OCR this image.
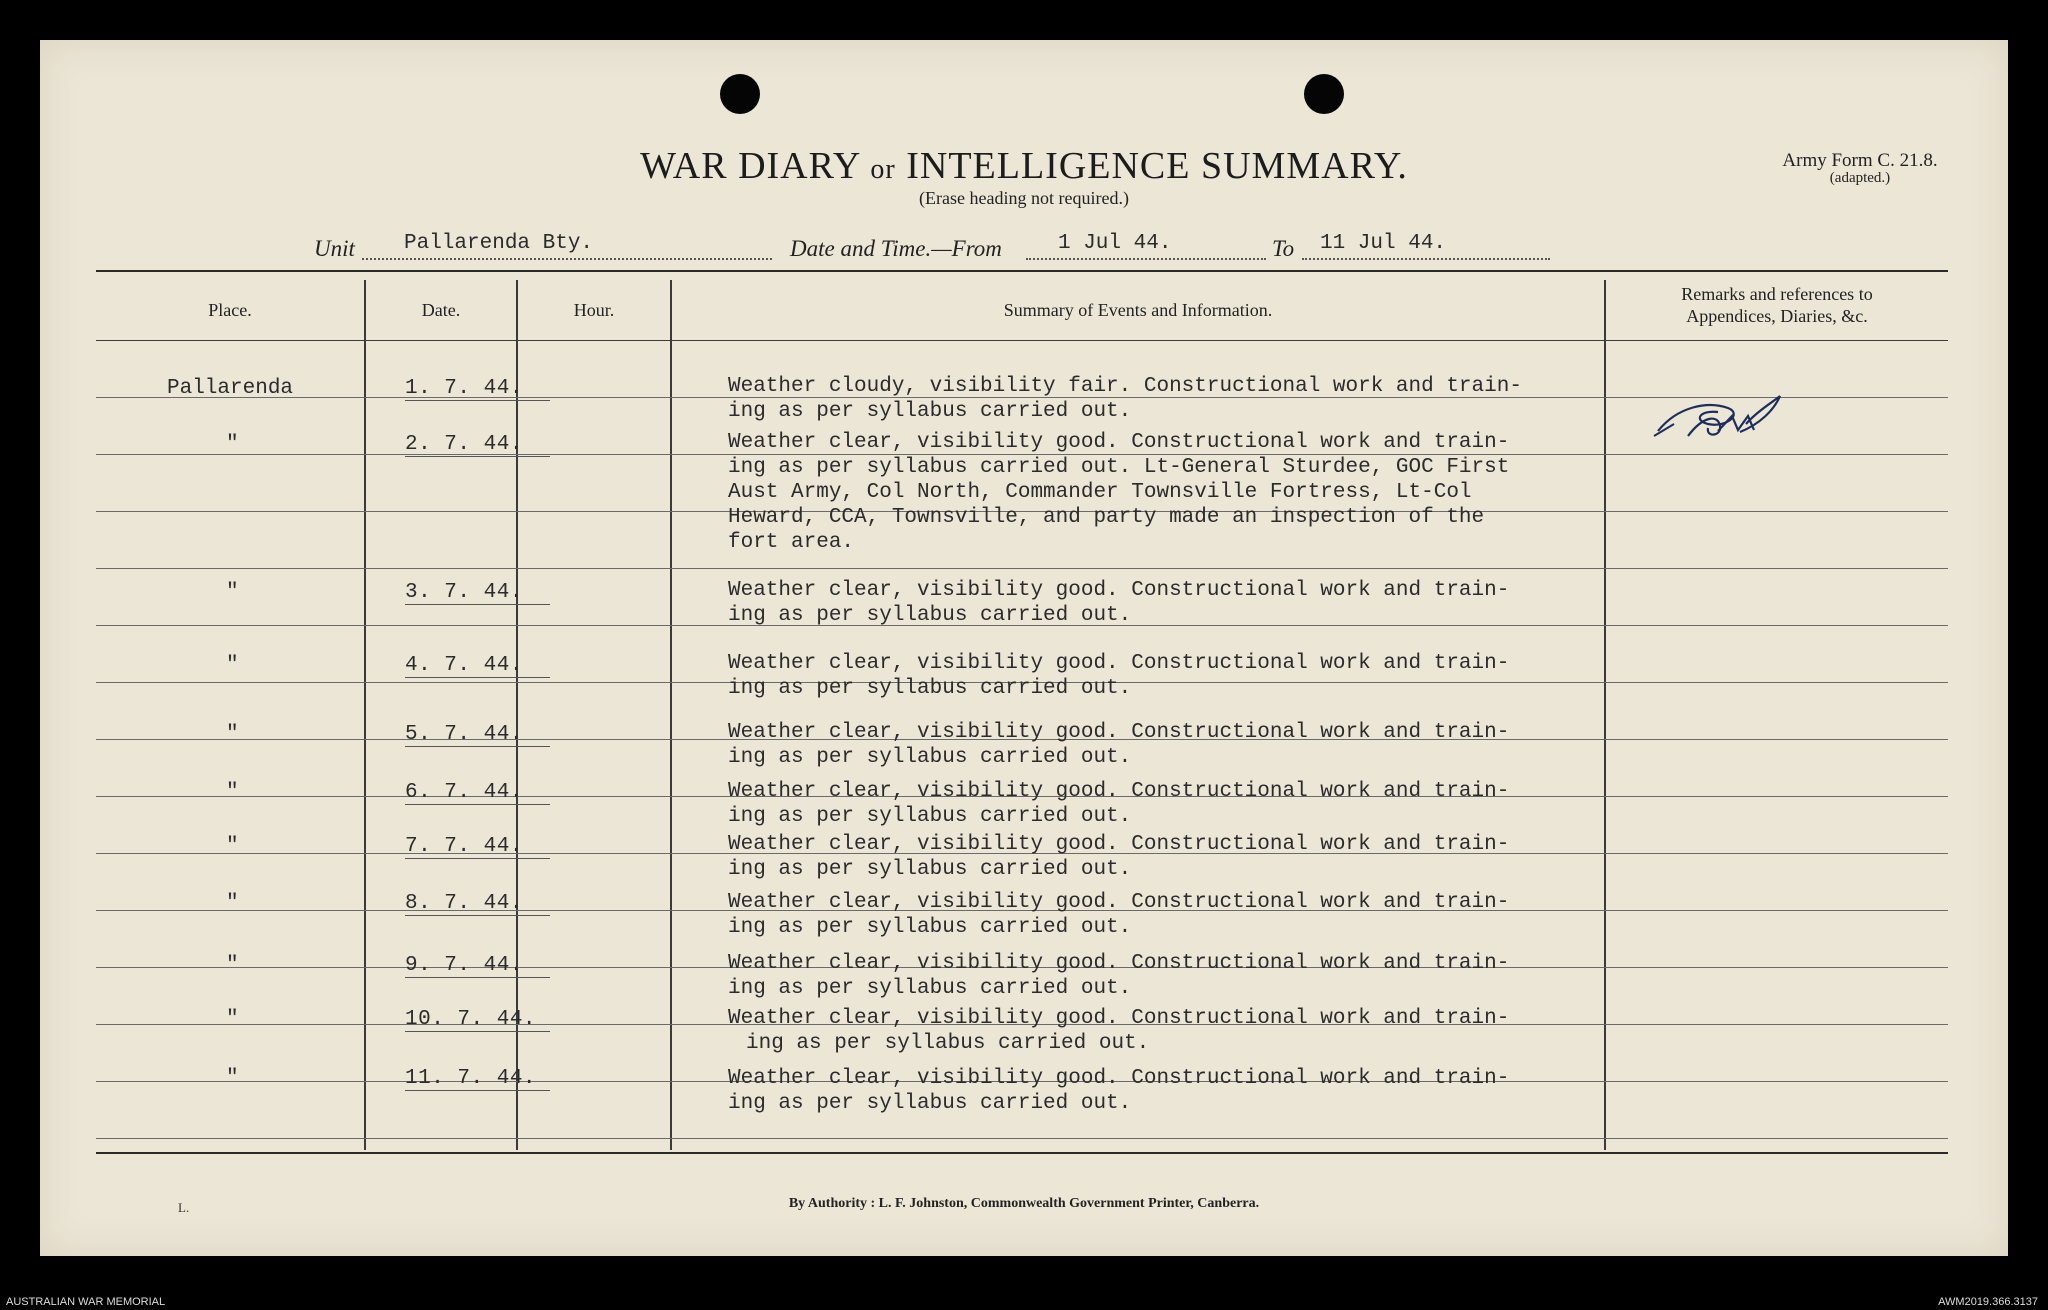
WAR DIARY or INTELLIGENCE SUMMARY.
(Erase heading not required.)
Army Form C. 21.8.
(adapted.)
Unit Pallarenda Bty.	Date and Time.—From	1 Jul 44.	To 11 Jul 44.
Place.	Date.	Hour.	Summary of Events and Information.
Remarks and references to
Appendices, Diaries, &c.
Pallarenda	1. 7. 44.	Weather cloudy, visibility fair. Constructional work and train-
ing as per syllabus carried out.
"	2. 7. 44.	Weather clear, visibility good. Constructional work and train-
ing as per syllabus carried out. Lt-General Sturdee, GOC First
Aust Army, Col North, Commander Townsville Fortress, Lt-Col
Heward, CCA, Townsville, and party made an inspection of the
fort area.
"	3. 7. 44.	Weather clear, visibility good. Constructional work and train-
ing as per syllabus carried out.
"	4. 7. 44.	Weather clear, visibility good. Constructional work and train-
ing as per syllabus carried out.
"	5. 7. 44.	Weather clear, visibility good. Constructional work and train-
ing as per syllabus carried out.
"	6. 7. 44.	Weather clear, visibility good. Constructional work and train-
ing as per syllabus carried out.
"	7. 7. 44.	Weather clear, visibility good. Constructional work and train-
ing as per syllabus carried out.
"	8. 7. 44.	Weather clear, visibility good. Constructional work and train-
ing as per syllabus carried out.
"	9. 7. 44.	Weather clear, visibility good. Constructional work and train-
ing as per syllabus carried out.
"	10. 7. 44.	Weather clear, visibility good. Constructional work and train-
ing as per syllabus carried out.
"	11. 7. 44.	Weather clear, visibility good. Constructional work and train-
ing as per syllabus carried out.
L.	By Authority : L. F. Johnston, Commonwealth Government Printer, Canberra.
AUSTRALIAN WAR MEMORIAL	AWM2019.366.3137
